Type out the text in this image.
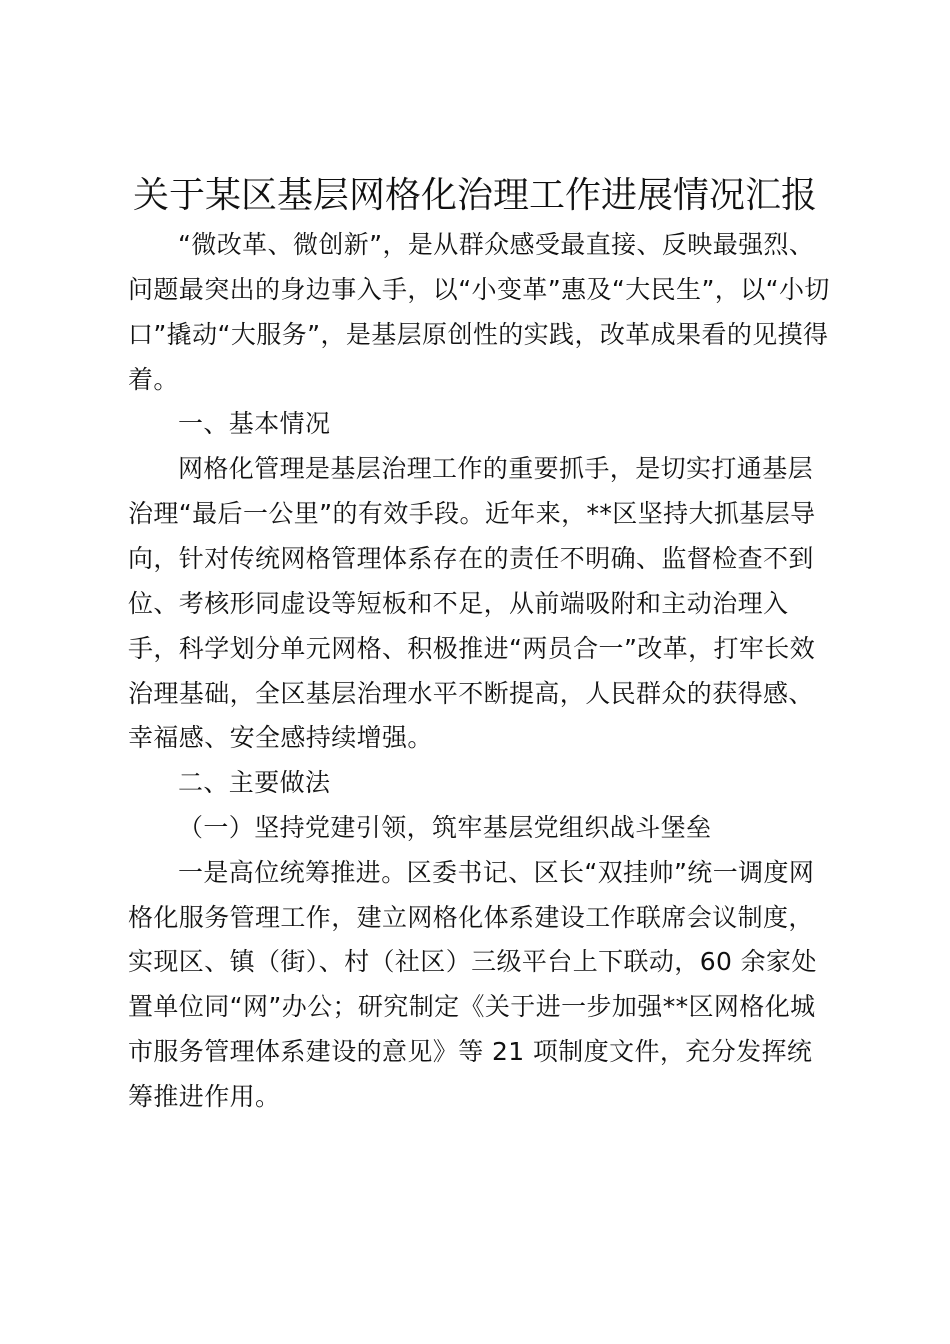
关于某区基层网格化治理工作进展情况汇报
“微改革、微创新”，是从群众感受最直接、反映最强烈、
问题最突出的身边事入手，以“小变革”惠及“大民生”，以“小切
口”撬动“大服务”，是基层原创性的实践，改革成果看的见摸得
着。
一、基本情况
网格化管理是基层治理工作的重要抓手，是切实打通基层
治理“最后一公里”的有效手段。近年来，**区坚持大抓基层导
向，针对传统网格管理体系存在的责任不明确、监督检查不到
位、考核形同虚设等短板和不足，从前端吸附和主动治理入
手，科学划分单元网格、积极推进“两员合一”改革，打牢长效
治理基础，全区基层治理水平不断提高，人民群众的获得感、
幸福感、安全感持续增强。
二、主要做法
（一）坚持党建引领，筑牢基层党组织战斗堡垒
一是高位统筹推进。区委书记、区长“双挂帅”统一调度网
格化服务管理工作，建立网格化体系建设工作联席会议制度，
实现区、镇（街）、村（社区）三级平台上下联动，60 余家处
置单位同“网”办公；研究制定《关于进一步加强**区网格化城
市服务管理体系建设的意见》等 21 项制度文件，充分发挥统
筹推进作用。
